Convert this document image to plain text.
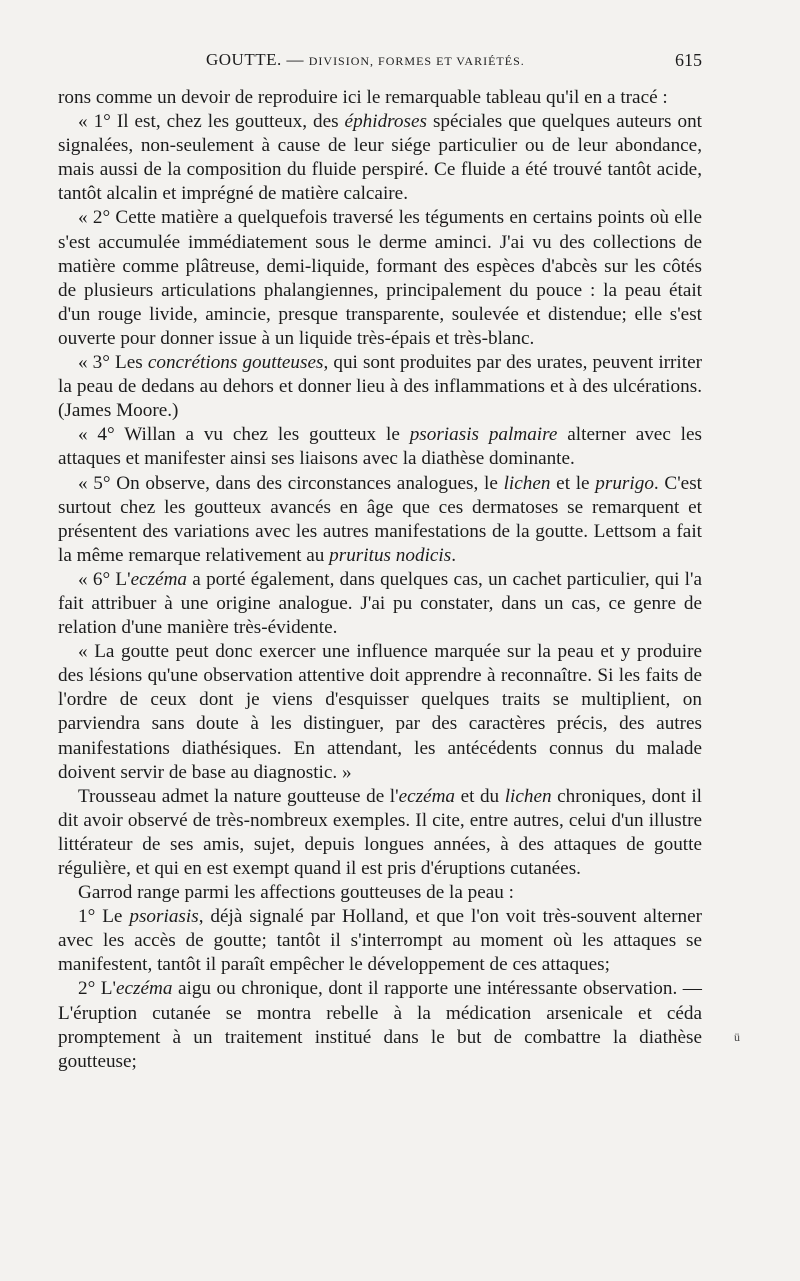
GOUTTE. — DIVISION, FORMES ET VARIÉTÉS.	615

rons comme un devoir de reproduire ici le remarquable tableau qu'il en a tracé :

« 1° Il est, chez les goutteux, des éphidroses spéciales que quelques auteurs ont signalées, non-seulement à cause de leur siége particulier ou de leur abondance, mais aussi de la composition du fluide perspiré. Ce fluide a été trouvé tantôt acide, tantôt alcalin et imprégné de matière calcaire.

« 2° Cette matière a quelquefois traversé les téguments en certains points où elle s'est accumulée immédiatement sous le derme aminci. J'ai vu des collections de matière comme plâtreuse, demi-liquide, formant des espèces d'abcès sur les côtés de plusieurs articulations phalangiennes, principalement du pouce : la peau était d'un rouge livide, amincie, presque transparente, soulevée et distendue; elle s'est ouverte pour donner issue à un liquide très-épais et très-blanc.

« 3° Les concrétions goutteuses, qui sont produites par des urates, peuvent irriter la peau de dedans au dehors et donner lieu à des inflammations et à des ulcérations. (James Moore.)

« 4° Willan a vu chez les goutteux le psoriasis palmaire alterner avec les attaques et manifester ainsi ses liaisons avec la diathèse dominante.

« 5° On observe, dans des circonstances analogues, le lichen et le prurigo. C'est surtout chez les goutteux avancés en âge que ces dermatoses se remarquent et présentent des variations avec les autres manifestations de la goutte. Lettsom a fait la même remarque relativement au pruritus nodicis.

« 6° L'eczéma a porté également, dans quelques cas, un cachet particulier, qui l'a fait attribuer à une origine analogue. J'ai pu constater, dans un cas, ce genre de relation d'une manière très-évidente.

« La goutte peut donc exercer une influence marquée sur la peau et y produire des lésions qu'une observation attentive doit apprendre à reconnaître. Si les faits de l'ordre de ceux dont je viens d'esquisser quelques traits se multiplient, on parviendra sans doute à les distinguer, par des caractères précis, des autres manifestations diathésiques. En attendant, les antécédents connus du malade doivent servir de base au diagnostic. »

Trousseau admet la nature goutteuse de l'eczéma et du lichen chroniques, dont il dit avoir observé de très-nombreux exemples. Il cite, entre autres, celui d'un illustre littérateur de ses amis, sujet, depuis longues années, à des attaques de goutte régulière, et qui en est exempt quand il est pris d'éruptions cutanées.

Garrod range parmi les affections goutteuses de la peau :

1° Le psoriasis, déjà signalé par Holland, et que l'on voit très-souvent alterner avec les accès de goutte; tantôt il s'interrompt au moment où les attaques se manifestent, tantôt il paraît empêcher le développement de ces attaques;

2° L'eczéma aigu ou chronique, dont il rapporte une intéressante observation. — L'éruption cutanée se montra rebelle à la médication arsenicale et céda promptement à un traitement institué dans le but de combattre la diathèse goutteuse;

ü
